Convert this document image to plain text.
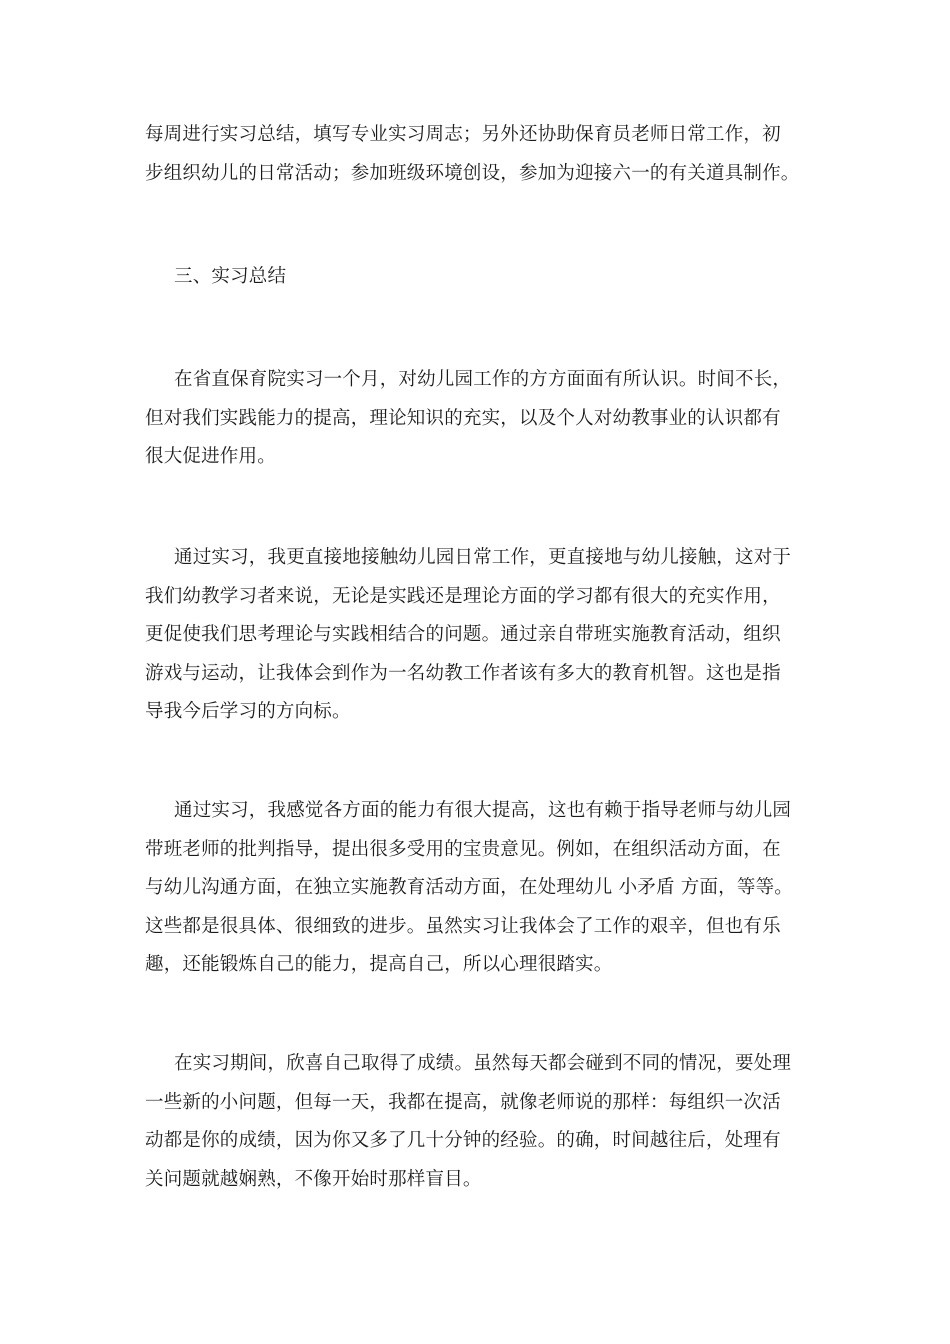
每周进行实习总结，填写专业实习周志；另外还协助保育员老师日常工作，初
步组织幼儿的日常活动；参加班级环境创设，参加为迎接六一的有关道具制作。
三、实习总结
在省直保育院实习一个月，对幼儿园工作的方方面面有所认识。时间不长，
但对我们实践能力的提高，理论知识的充实，以及个人对幼教事业的认识都有
很大促进作用。
通过实习，我更直接地接触幼儿园日常工作，更直接地与幼儿接触，这对于
我们幼教学习者来说，无论是实践还是理论方面的学习都有很大的充实作用，
更促使我们思考理论与实践相结合的问题。通过亲自带班实施教育活动，组织
游戏与运动，让我体会到作为一名幼教工作者该有多大的教育机智。这也是指
导我今后学习的方向标。
通过实习，我感觉各方面的能力有很大提高，这也有赖于指导老师与幼儿园
带班老师的批判指导，提出很多受用的宝贵意见。例如，在组织活动方面，在
与幼儿沟通方面，在独立实施教育活动方面，在处理幼儿 小矛盾 方面，等等。
这些都是很具体、很细致的进步。虽然实习让我体会了工作的艰辛，但也有乐
趣，还能锻炼自己的能力，提高自己，所以心理很踏实。
在实习期间，欣喜自己取得了成绩。虽然每天都会碰到不同的情况，要处理
一些新的小问题，但每一天，我都在提高，就像老师说的那样：每组织一次活
动都是你的成绩，因为你又多了几十分钟的经验。的确，时间越往后，处理有
关问题就越娴熟，不像开始时那样盲目。
